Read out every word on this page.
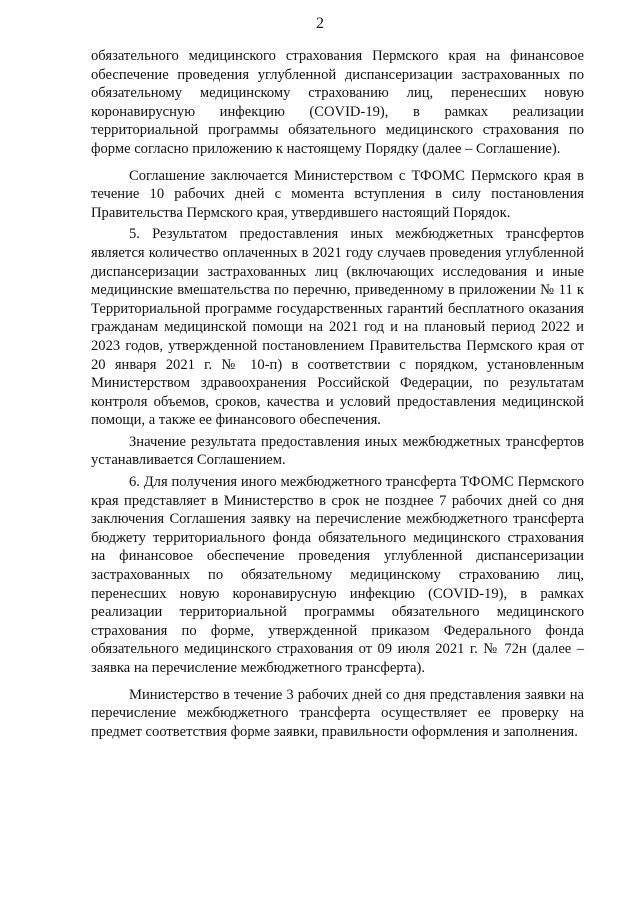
2

обязательного медицинского страхования Пермского края на финансовое обеспечение проведения углубленной диспансеризации застрахованных по обязательному медицинскому страхованию лиц, перенесших новую коронавирусную инфекцию (COVID-19), в рамках реализации территориальной программы обязательного медицинского страхования по форме согласно приложению к настоящему Порядку (далее – Соглашение).

Соглашение заключается Министерством с ТФОМС Пермского края в течение 10 рабочих дней с момента вступления в силу постановления Правительства Пермского края, утвердившего настоящий Порядок.

5. Результатом предоставления иных межбюджетных трансфертов является количество оплаченных в 2021 году случаев проведения углубленной диспансеризации застрахованных лиц (включающих исследования и иные медицинские вмешательства по перечню, приведенному в приложении № 11 к Территориальной программе государственных гарантий бесплатного оказания гражданам медицинской помощи на 2021 год и на плановый период 2022 и 2023 годов, утвержденной постановлением Правительства Пермского края от 20 января 2021 г. № 10-п) в соответствии с порядком, установленным Министерством здравоохранения Российской Федерации, по результатам контроля объемов, сроков, качества и условий предоставления медицинской помощи, а также ее финансового обеспечения.

Значение результата предоставления иных межбюджетных трансфертов устанавливается Соглашением.

6. Для получения иного межбюджетного трансферта ТФОМС Пермского края представляет в Министерство в срок не позднее 7 рабочих дней со дня заключения Соглашения заявку на перечисление межбюджетного трансферта бюджету территориального фонда обязательного медицинского страхования на финансовое обеспечение проведения углубленной диспансеризации застрахованных по обязательному медицинскому страхованию лиц, перенесших новую коронавирусную инфекцию (COVID-19), в рамках реализации территориальной программы обязательного медицинского страхования по форме, утвержденной приказом Федерального фонда обязательного медицинского страхования от 09 июля 2021 г. № 72н (далее – заявка на перечисление межбюджетного трансферта).

Министерство в течение 3 рабочих дней со дня представления заявки на перечисление межбюджетного трансферта осуществляет ее проверку на предмет соответствия форме заявки, правильности оформления и заполнения.
